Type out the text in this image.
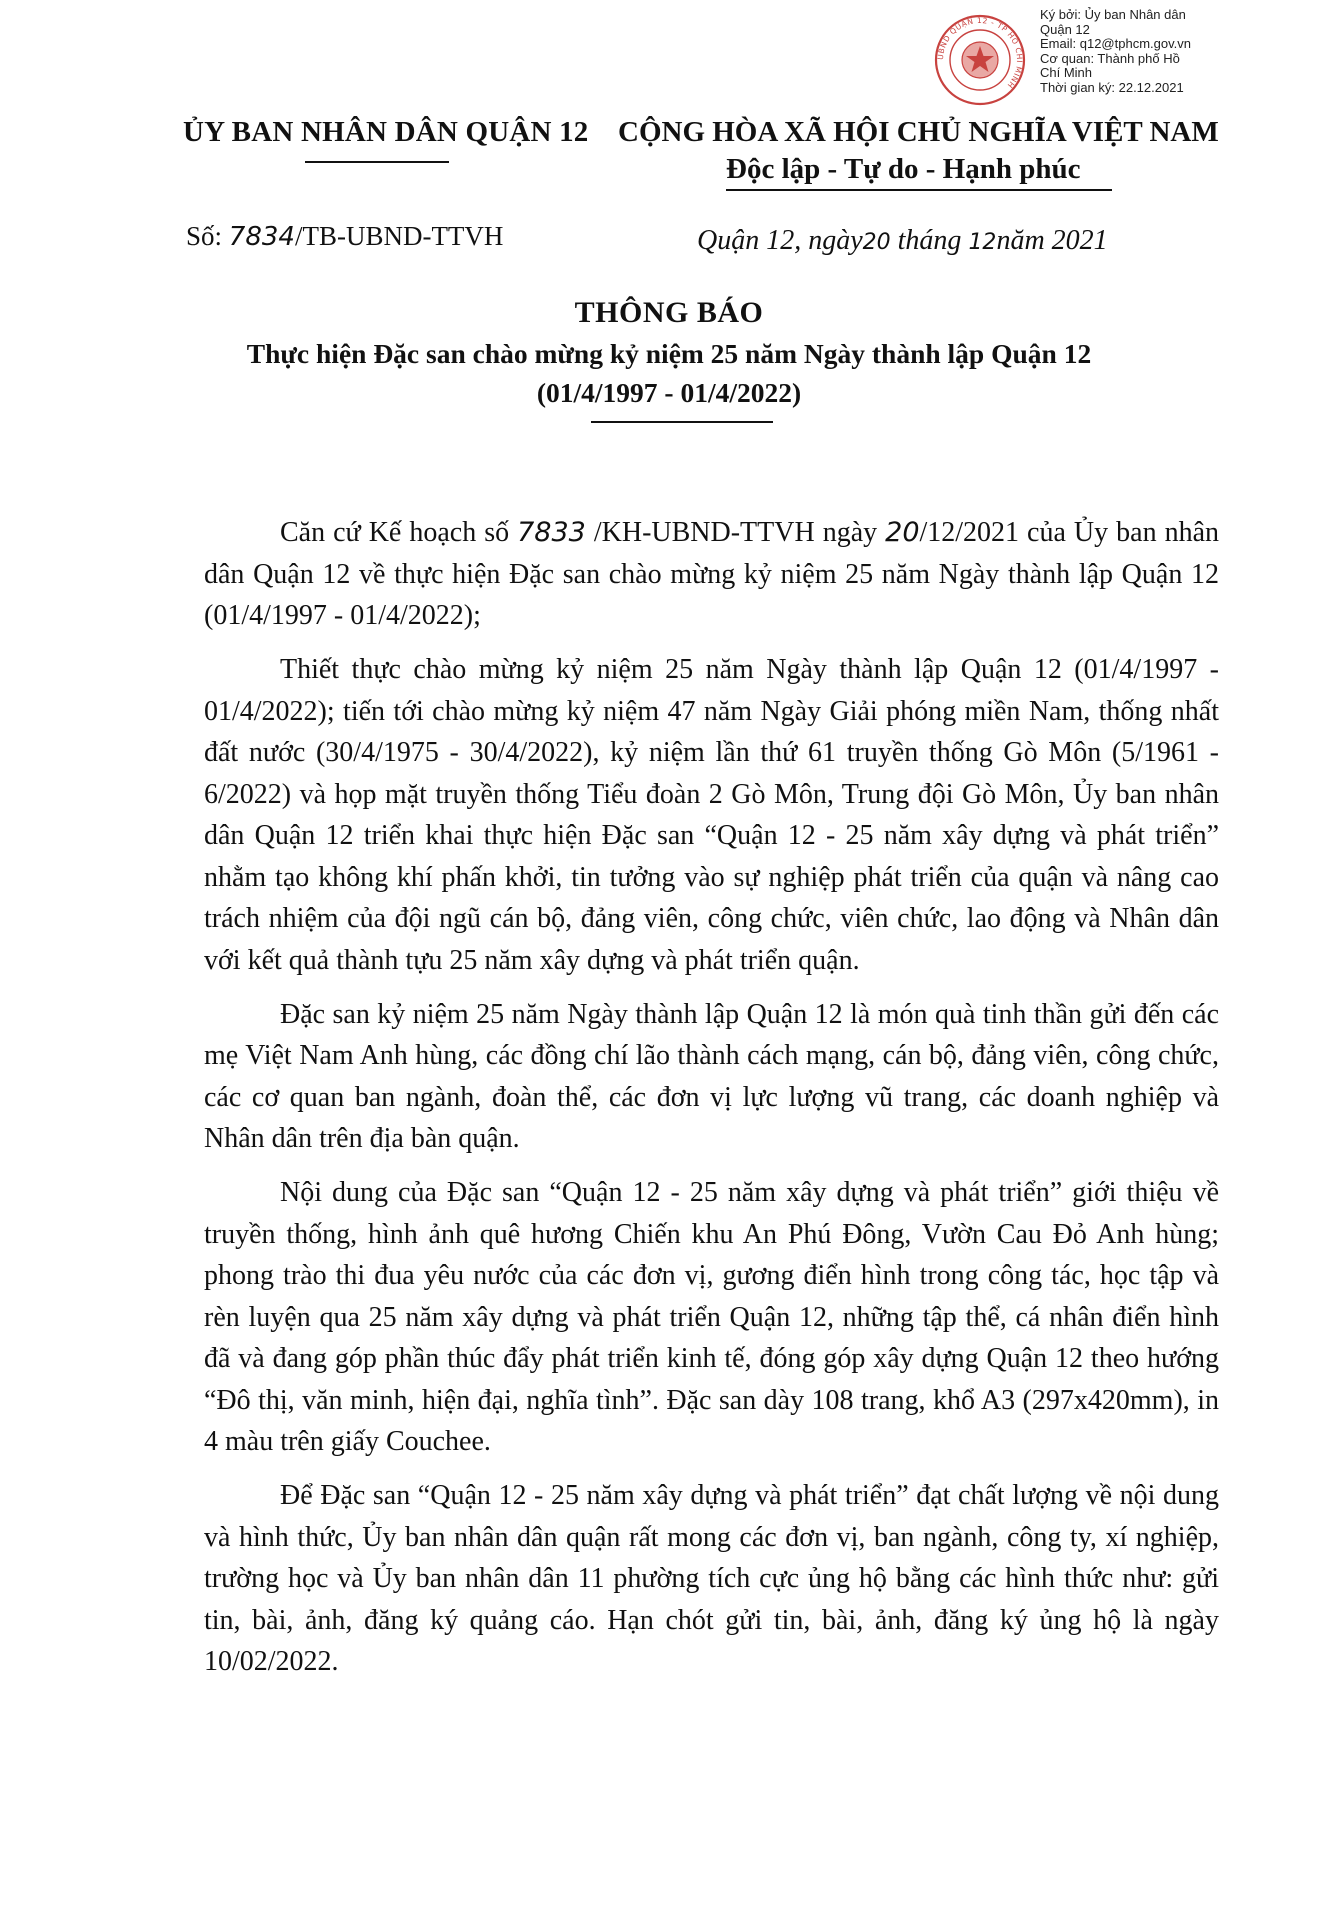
UBND QUẬN 12 - TP HỒ CHÍ MINH
Ký bởi: Ủy ban Nhân dân
Quận 12
Email: q12@tphcm.gov.vn
Cơ quan: Thành phố Hồ
Chí Minh
Thời gian ký: 22.12.2021
ỦY BAN NHÂN DÂN QUẬN 12 CỘNG HÒA XÃ HỘI CHỦ NGHĨA VIỆT NAM
Độc lập - Tự do - Hạnh phúc
Số: 7834/TB-UBND-TTVH	Quận 12, ngày20 tháng 12năm 2021
THÔNG BÁO
Thực hiện Đặc san chào mừng kỷ niệm 25 năm Ngày thành lập Quận 12
(01/4/1997 - 01/4/2022)

Căn cứ Kế hoạch số 7833 /KH-UBND-TTVH ngày 20/12/2021 của Ủy ban nhân dân Quận 12 về thực hiện Đặc san chào mừng kỷ niệm 25 năm Ngày thành lập Quận 12 (01/4/1997 - 01/4/2022);

Thiết thực chào mừng kỷ niệm 25 năm Ngày thành lập Quận 12 (01/4/1997 - 01/4/2022); tiến tới chào mừng kỷ niệm 47 năm Ngày Giải phóng miền Nam, thống nhất đất nước (30/4/1975 - 30/4/2022), kỷ niệm lần thứ 61 truyền thống Gò Môn (5/1961 - 6/2022) và họp mặt truyền thống Tiểu đoàn 2 Gò Môn, Trung đội Gò Môn, Ủy ban nhân dân Quận 12 triển khai thực hiện Đặc san “Quận 12 - 25 năm xây dựng và phát triển” nhằm tạo không khí phấn khởi, tin tưởng vào sự nghiệp phát triển của quận và nâng cao trách nhiệm của đội ngũ cán bộ, đảng viên, công chức, viên chức, lao động và Nhân dân với kết quả thành tựu 25 năm xây dựng và phát triển quận.

Đặc san kỷ niệm 25 năm Ngày thành lập Quận 12 là món quà tinh thần gửi đến các mẹ Việt Nam Anh hùng, các đồng chí lão thành cách mạng, cán bộ, đảng viên, công chức, các cơ quan ban ngành, đoàn thể, các đơn vị lực lượng vũ trang, các doanh nghiệp và Nhân dân trên địa bàn quận.

Nội dung của Đặc san “Quận 12 - 25 năm xây dựng và phát triển” giới thiệu về truyền thống, hình ảnh quê hương Chiến khu An Phú Đông, Vườn Cau Đỏ Anh hùng; phong trào thi đua yêu nước của các đơn vị, gương điển hình trong công tác, học tập và rèn luyện qua 25 năm xây dựng và phát triển Quận 12, những tập thể, cá nhân điển hình đã và đang góp phần thúc đẩy phát triển kinh tế, đóng góp xây dựng Quận 12 theo hướng “Đô thị, văn minh, hiện đại, nghĩa tình”. Đặc san dày 108 trang, khổ A3 (297x420mm), in 4 màu trên giấy Couchee.

Để Đặc san “Quận 12 - 25 năm xây dựng và phát triển” đạt chất lượng về nội dung và hình thức, Ủy ban nhân dân quận rất mong các đơn vị, ban ngành, công ty, xí nghiệp, trường học và Ủy ban nhân dân 11 phường tích cực ủng hộ bằng các hình thức như: gửi tin, bài, ảnh, đăng ký quảng cáo. Hạn chót gửi tin, bài, ảnh, đăng ký ủng hộ là ngày 10/02/2022.
